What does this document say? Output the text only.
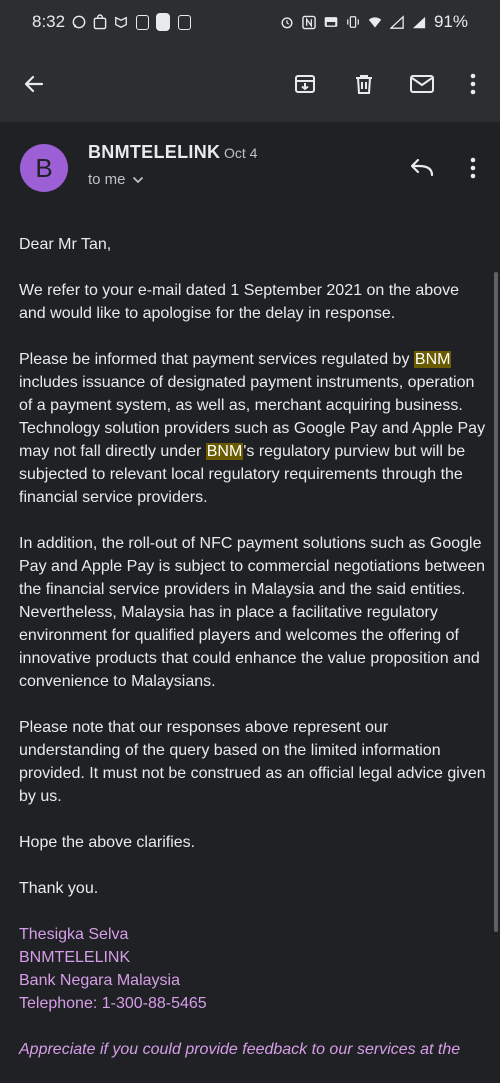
8:32	91%
B
BNMTELELINK Oct 4
to me

Dear Mr Tan,

We refer to your e-mail dated 1 September 2021 on the above and would like to apologise for the delay in response.

Please be informed that payment services regulated by BNM includes issuance of designated payment instruments, operation of a payment system, as well as, merchant acquiring business. Technology solution providers such as Google Pay and Apple Pay may not fall directly under BNM's regulatory purview but will be subjected to relevant local regulatory requirements through the financial service providers.

In addition, the roll-out of NFC payment solutions such as Google Pay and Apple Pay is subject to commercial negotiations between the financial service providers in Malaysia and the said entities. Nevertheless, Malaysia has in place a facilitative regulatory environment for qualified players and welcomes the offering of innovative products that could enhance the value proposition and convenience to Malaysians.

Please note that our responses above represent our understanding of the query based on the limited information provided. It must not be construed as an official legal advice given by us.

Hope the above clarifies.

Thank you.

Thesigka Selva
BNMTELELINK
Bank Negara Malaysia
Telephone: 1-300-88-5465
Appreciate if you could provide feedback to our services at the
